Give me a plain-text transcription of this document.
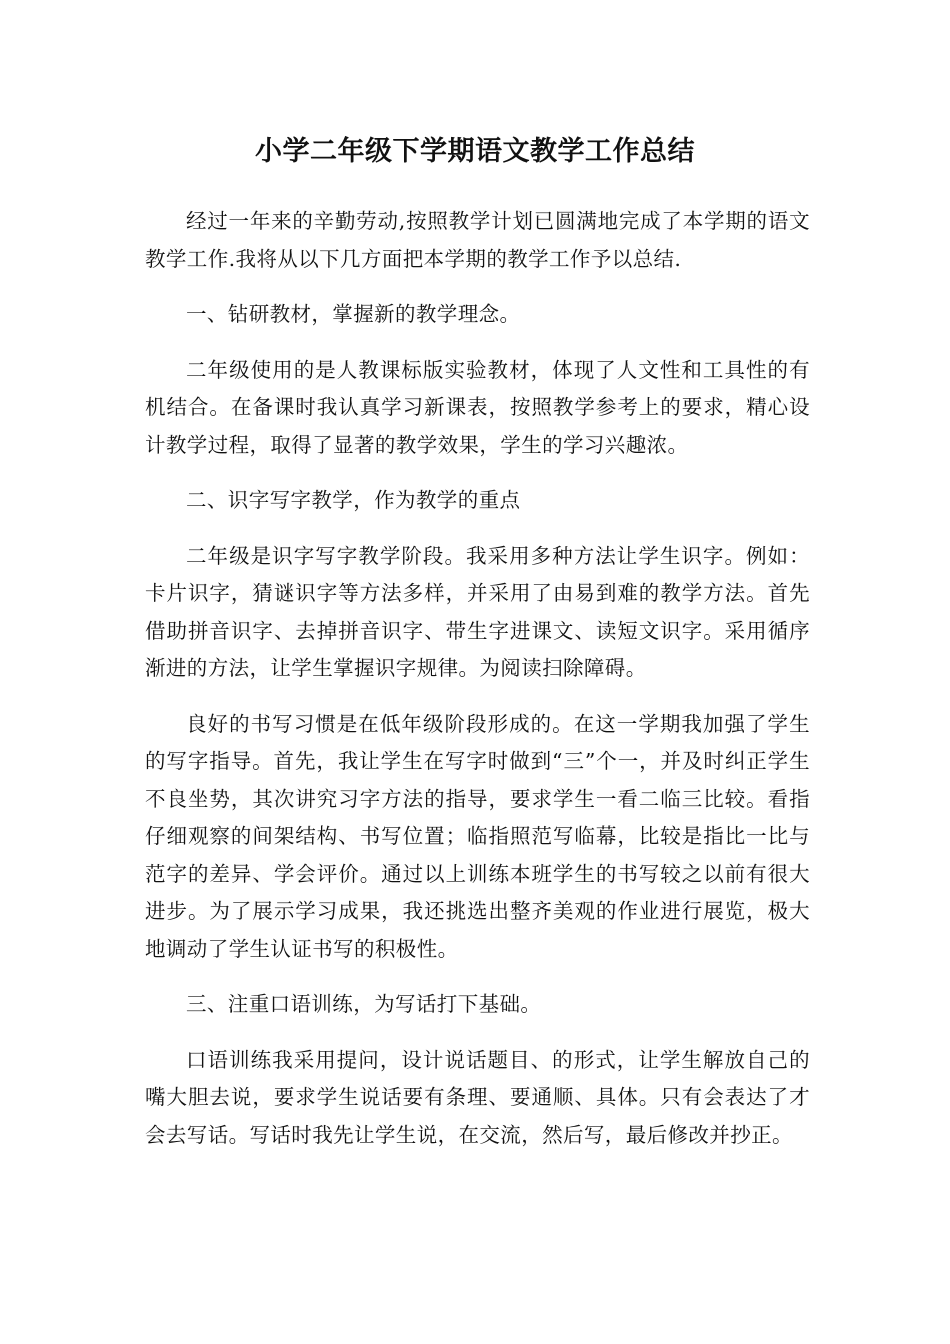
小学二年级下学期语文教学工作总结

经过一年来的辛勤劳动,按照教学计划已圆满地完成了本学期的语文教学工作.我将从以下几方面把本学期的教学工作予以总结.

一、钻研教材，掌握新的教学理念。

二年级使用的是人教课标版实验教材，体现了人文性和工具性的有机结合。在备课时我认真学习新课表，按照教学参考上的要求，精心设计教学过程，取得了显著的教学效果，学生的学习兴趣浓。

二、识字写字教学，作为教学的重点

二年级是识字写字教学阶段。我采用多种方法让学生识字。例如：卡片识字，猜谜识字等方法多样，并采用了由易到难的教学方法。首先借助拼音识字、去掉拼音识字、带生字进课文、读短文识字。采用循序渐进的方法，让学生掌握识字规律。为阅读扫除障碍。

良好的书写习惯是在低年级阶段形成的。在这一学期我加强了学生的写字指导。首先，我让学生在写字时做到“三”个一，并及时纠正学生不良坐势，其次讲究习字方法的指导，要求学生一看二临三比较。看指仔细观察的间架结构、书写位置；临指照范写临幕，比较是指比一比与范字的差异、学会评价。通过以上训练本班学生的书写较之以前有很大进步。为了展示学习成果，我还挑选出整齐美观的作业进行展览，极大地调动了学生认证书写的积极性。

三、注重口语训练，为写话打下基础。

口语训练我采用提问，设计说话题目、的形式，让学生解放自己的嘴大胆去说，要求学生说话要有条理、要通顺、具体。只有会表达了才会去写话。写话时我先让学生说，在交流，然后写，最后修改并抄正。
